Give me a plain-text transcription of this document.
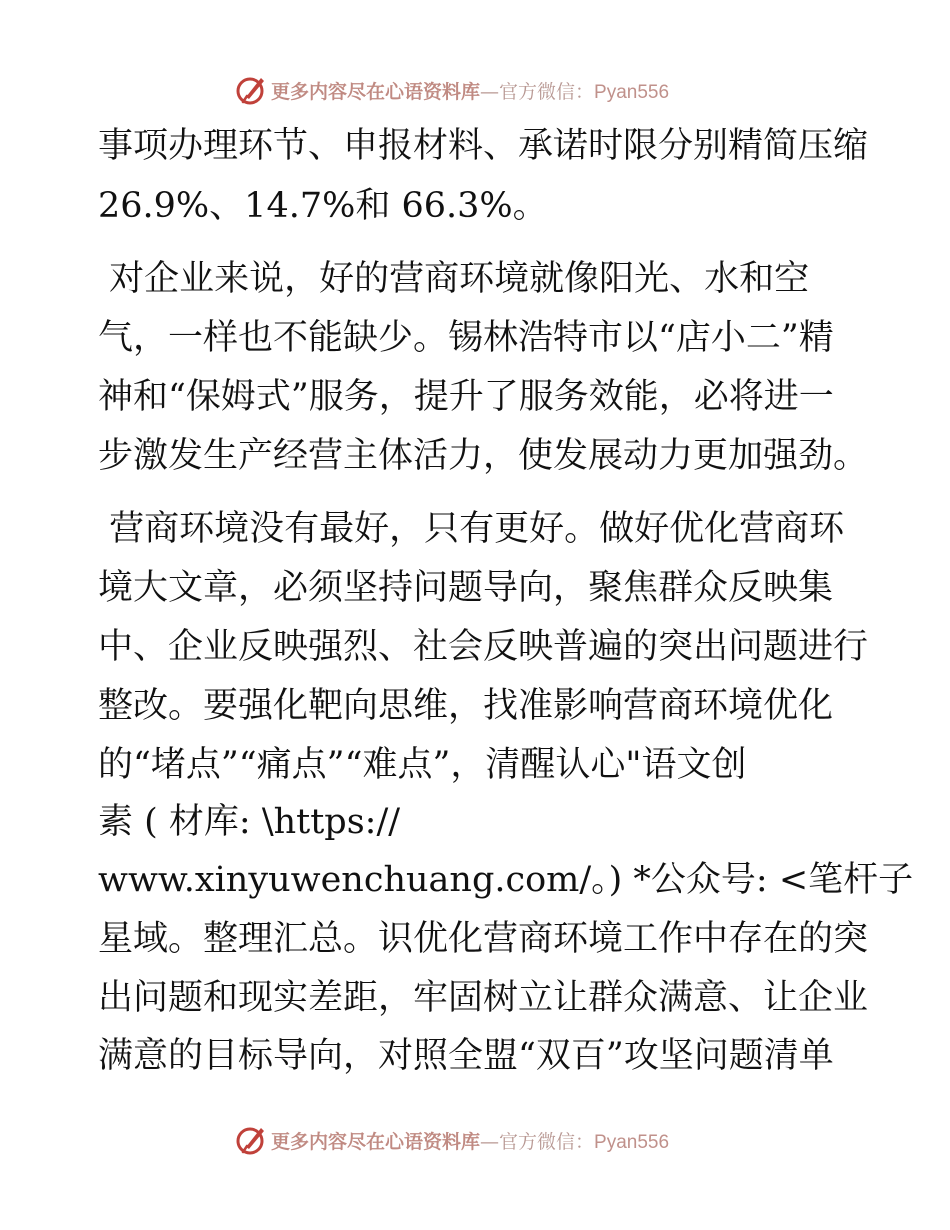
更多内容尽在心语资料库—官方微信：Pyan556

事项办理环节、申报材料、承诺时限分别精简压缩

26.9%、14.7%和 66.3%。

对企业来说，好的营商环境就像阳光、水和空

气，一样也不能缺少。锡林浩特市以“店小二”精

神和“保姆式”服务，提升了服务效能，必将进一

步激发生产经营主体活力，使发展动力更加强劲。

营商环境没有最好，只有更好。做好优化营商环

境大文章，必须坚持问题导向，聚焦群众反映集

中、企业反映强烈、社会反映普遍的突出问题进行

整改。要强化靶向思维，找准影响营商环境优化

的“堵点”“痛点”“难点”，清醒认心"语文创

素 ( 材库: \https://

www.xinyuwenchuang.com/。) *公众号: <笔杆子

星域。整理汇总。识优化营商环境工作中存在的突

出问题和现实差距，牢固树立让群众满意、让企业

满意的目标导向，对照全盟“双百”攻坚问题清单

更多内容尽在心语资料库—官方微信：Pyan556
